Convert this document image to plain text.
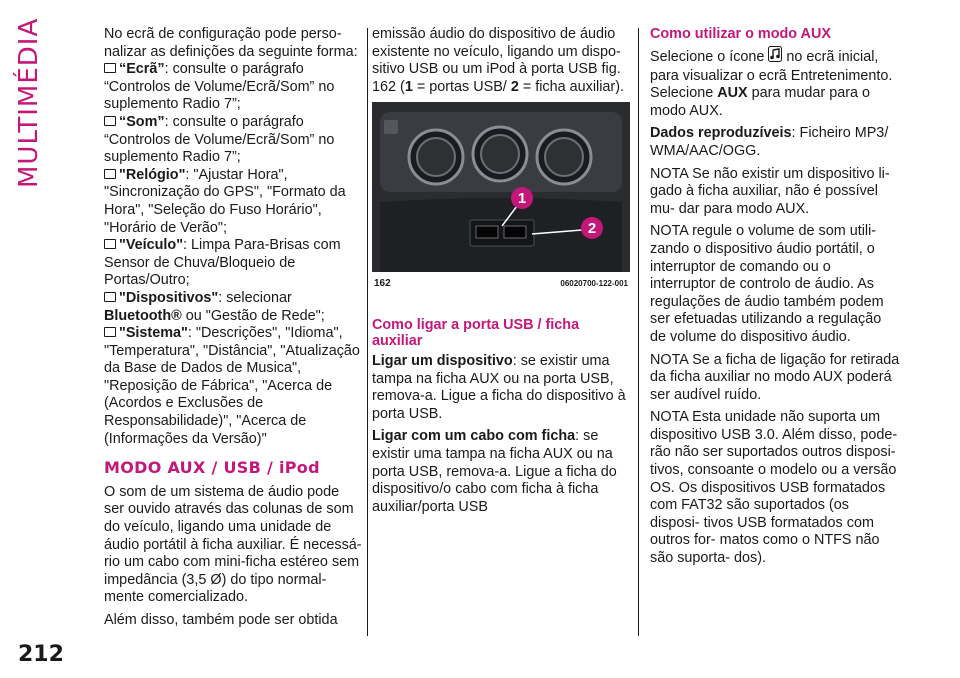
MULTIMÉDIA
212

No ecrã de configuração pode perso-
nalizar as definições da seguinte forma:

“Ecrã”: consulte o parágrafo “Controlos de Volume/Ecrã/Som” no suplemento Radio 7”;
“Som”: consulte o parágrafo “Controlos de Volume/Ecrã/Som” no suplemento Radio 7”;
"Relógio": "Ajustar Hora", "Sincronização do GPS", "Formato da Hora", "Seleção do Fuso Horário", "Horário de Verão";
"Veículo": Limpa Para-Brisas com Sensor de Chuva/Bloqueio de Portas/Outro;
"Dispositivos": selecionar
Bluetooth® ou "Gestão de Rede";
"Sistema": "Descrições", "Idioma", "Temperatura", "Distância", "Atualização da Base de Dados de Musica", "Reposição de Fábrica", "Acerca de (Acordos e Exclusões de Responsabilidade)", "Acerca de (Informações da Versão)"
MODO AUX / USB / iPod

O som de um sistema de áudio pode ser ouvido através das colunas de som do veículo, ligando uma unidade de áudio portátil à ficha auxiliar. É necessá- rio um cabo com mini-ficha estéreo sem impedância (3,5 Ø) do tipo normal- mente comercializado.

Além disso, também pode ser obtida

emissão áudio do dispositivo de áudio existente no veículo, ligando um dispo- sitivo USB ou um iPod à porta USB fig. 162 (1 = portas USB/ 2 = ficha auxiliar).

1
2
162	06020700-122-001
Como ligar a porta USB / ficha auxiliar

Ligar um dispositivo: se existir uma tampa na ficha AUX ou na porta USB, remova-a. Ligue a ficha do dispositivo à porta USB.

Ligar com um cabo com ficha: se existir uma tampa na ficha AUX ou na porta USB, remova-a. Ligue a ficha do dispositivo/o cabo com ficha à ficha auxiliar/porta USB

Como utilizar o modo AUX

Selecione o ícone  no ecrã inicial, para visualizar o ecrã Entretenimento. Selecione AUX para mudar para o modo AUX.

Dados reproduzíveis: Ficheiro MP3/ WMA/AAC/OGG.

NOTA Se não existir um dispositivo li- gado à ficha auxiliar, não é possível mu- dar para modo AUX.

NOTA regule o volume de som utili- zando o dispositivo áudio portátil, o interruptor de comando ou o interruptor de controlo de áudio. As regulações de áudio também podem ser efetuadas utilizando a regulação de volume do dispositivo áudio.

NOTA Se a ficha de ligação for retirada da ficha auxiliar no modo AUX poderá ser audível ruído.

NOTA Esta unidade não suporta um dispositivo USB 3.0. Além disso, pode- rão não ser suportados outros disposi- tivos, consoante o modelo ou a versão OS. Os dispositivos USB formatados com FAT32 são suportados (os disposi- tivos USB formatados com outros for- matos como o NTFS não são suporta- dos).
